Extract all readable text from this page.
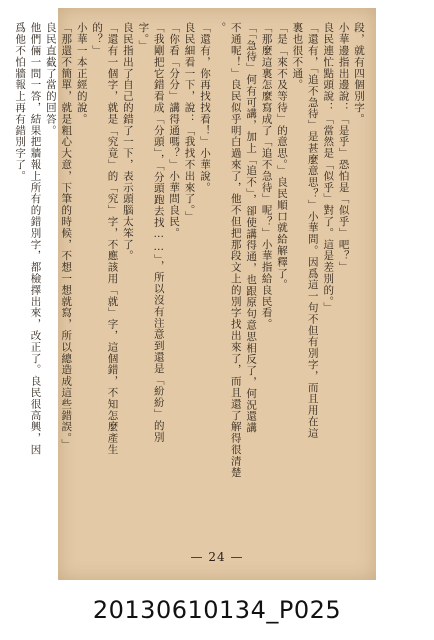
段，就有四個別字。

小華邊指出邊說：「是乎」恐怕是「似乎」吧？」

良民連忙點頭說：「當然是「似乎」對了。這是差別的。」

「還有，「追不急待」是甚麼意思？」小華問。因爲這一句不但有別字，而且用在這

裏也很不通。

「是「來不及等待」的意思。」良民順口就給解釋了。

「那麼這裏怎麼寫成了「追不急待」呢？」小華指給良民看。

「「急待」何有可講，加上「追不」，卻使講得通，也跟原句意思相反了，何況還講

不通呢！」良民似乎明白過來了，他不但把那段文上的別字找出來了，而且還了解得很清楚

。

「還有，你再找找看！」小華說。

良民細看一下，說：「我找不出來了。」

「你看「分分」講得通嗎？」小華問良民。

「我剛把它錯看成「分頭」，「分頭跑去找……」，所以沒有注意到還是「紛紛」的別

字。」

良民指出了自己的錯了一下，表示頭腦太笨了。

「還有一個字，就是「究竟」的「究」字，不應該用「就」字，這個錯，不知怎麼產生

的？」

小華一本正經的說。

「那還不簡單，就是粗心大意，下筆的時候，不想一想就寫，所以總造成這些錯誤。」

良民直截了當的回答。

他們倆一問一答，結果把牆報上所有的錯別字，都檢擇出來，改正了。良民很高興，因

爲他不怕牆報上再有錯別字了。

— 24 —
20130610134_P025
